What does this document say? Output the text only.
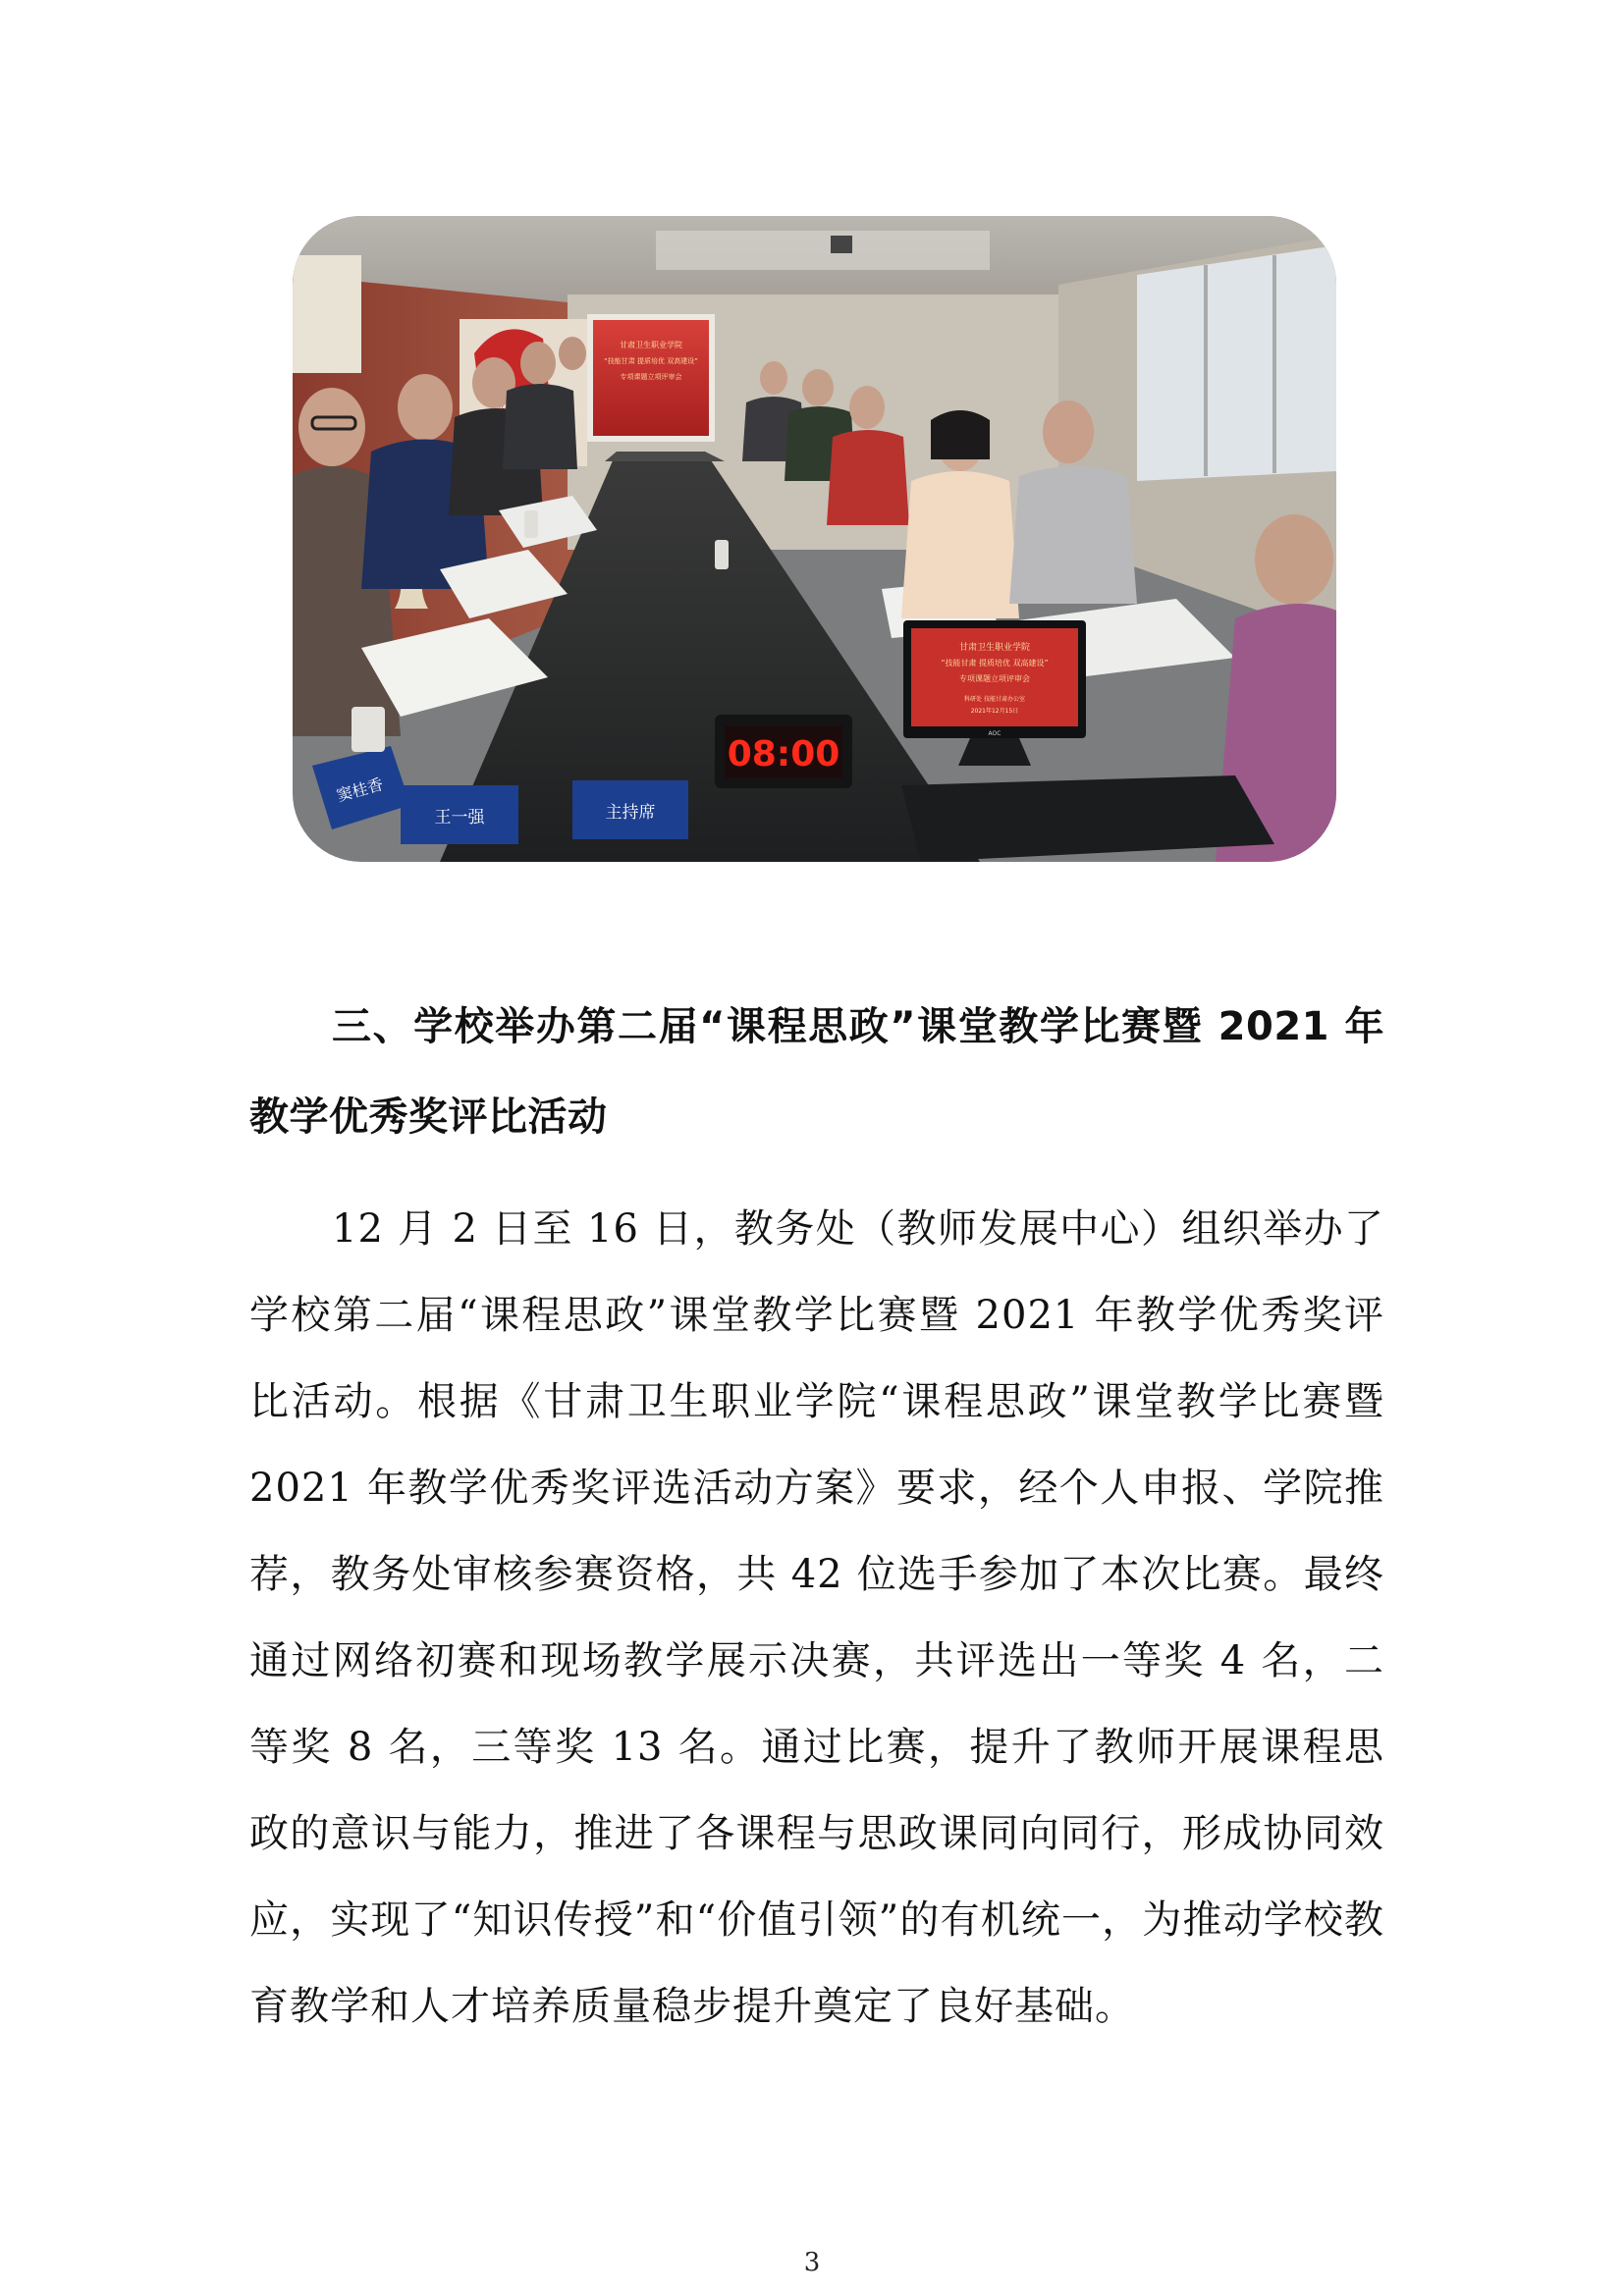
甘肃卫生职业学院
“技能甘肃 提质培优 双高建设”
专项课题立项评审会
甘肃卫生职业学院
“技能甘肃 提质培优 双高建设”
专项课题立项评审会
科研处 技能甘肃办公室
2021年12月15日
AOC
08:00
窦桂香
王一强	主持席
三、学校举办第二届“课程思政”课堂教学比赛暨 2021 年教学优秀奖评比活动

12 月 2 日至 16 日，教务处（教师发展中心）组织举办了学校第二届“课程思政”课堂教学比赛暨 2021 年教学优秀奖评比活动。根据《甘肃卫生职业学院“课程思政”课堂教学比赛暨 2021 年教学优秀奖评选活动方案》要求，经个人申报、学院推荐，教务处审核参赛资格，共 42 位选手参加了本次比赛。最终通过网络初赛和现场教学展示决赛，共评选出一等奖 4 名，二等奖 8 名，三等奖 13 名。通过比赛，提升了教师开展课程思政的意识与能力，推进了各课程与思政课同向同行，形成协同效应，实现了“知识传授”和“价值引领”的有机统一，为推动学校教育教学和人才培养质量稳步提升奠定了良好基础。

3
